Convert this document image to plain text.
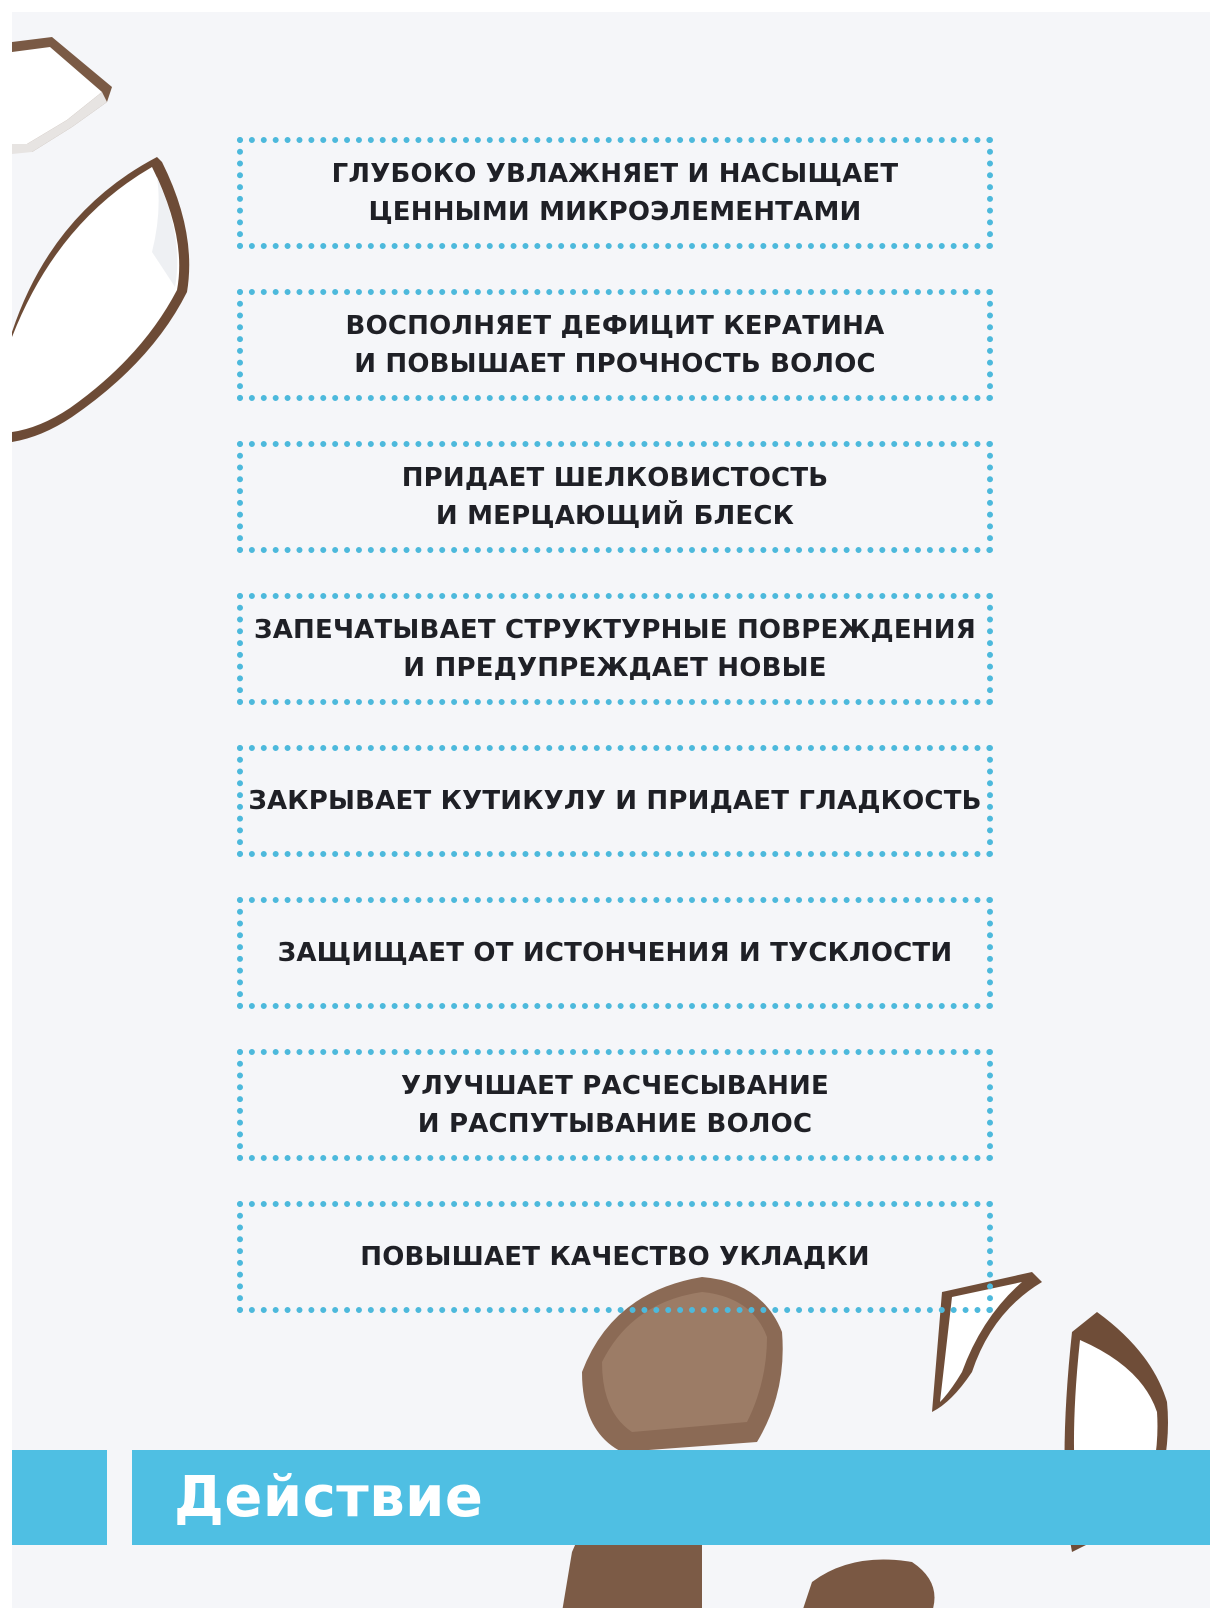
ГЛУБОКО УВЛАЖНЯЕТ И НАСЫЩАЕТ
ЦЕННЫМИ МИКРОЭЛЕМЕНТАМИ
ВОСПОЛНЯЕТ ДЕФИЦИТ КЕРАТИНА
И ПОВЫШАЕТ ПРОЧНОСТЬ ВОЛОС
ПРИДАЕТ ШЕЛКОВИСТОСТЬ
И МЕРЦАЮЩИЙ БЛЕСК
ЗАПЕЧАТЫВАЕТ СТРУКТУРНЫЕ ПОВРЕЖДЕНИЯ
И ПРЕДУПРЕЖДАЕТ НОВЫЕ
ЗАКРЫВАЕТ КУТИКУЛУ И ПРИДАЕТ ГЛАДКОСТЬ
ЗАЩИЩАЕТ ОТ ИСТОНЧЕНИЯ И ТУСКЛОСТИ
УЛУЧШАЕТ РАСЧЕСЫВАНИЕ
И РАСПУТЫВАНИЕ ВОЛОС
ПОВЫШАЕТ КАЧЕСТВО УКЛАДКИ
Действие
